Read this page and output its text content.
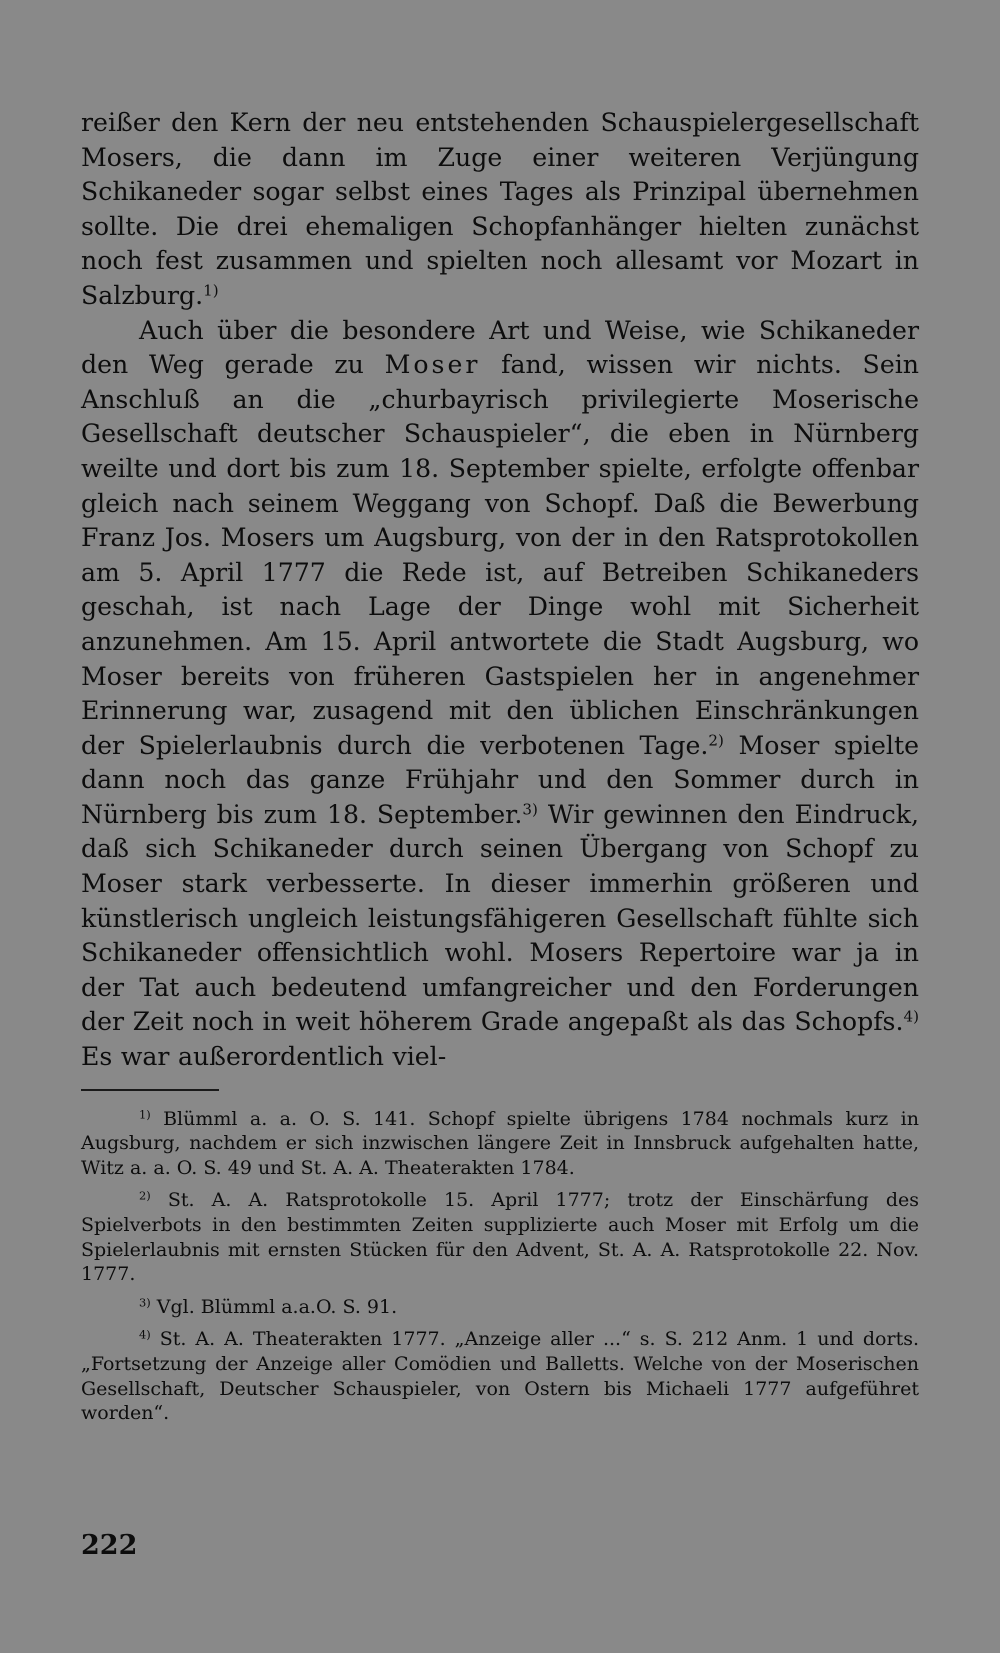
reißer den Kern der neu entstehenden Schauspielergesellschaft Mosers, die dann im Zuge einer weiteren Verjüngung Schikaneder sogar selbst eines Tages als Prinzipal übernehmen sollte. Die drei ehemaligen Schopfanhänger hielten zunächst noch fest zusammen und spielten noch allesamt vor Mozart in Salzburg.$^{1)}$

Auch über die besondere Art und Weise, wie Schikaneder den Weg gerade zu Moser fand, wissen wir nichts. Sein Anschluß an die „churbayrisch privilegierte Moserische Gesellschaft deutscher Schauspieler“, die eben in Nürnberg weilte und dort bis zum 18. September spielte, erfolgte offenbar gleich nach seinem Weggang von Schopf. Daß die Bewerbung Franz Jos. Mosers um Augsburg, von der in den Ratsprotokollen am 5. April 1777 die Rede ist, auf Betreiben Schikaneders geschah, ist nach Lage der Dinge wohl mit Sicherheit anzunehmen. Am 15. April antwortete die Stadt Augsburg, wo Moser bereits von früheren Gastspielen her in angenehmer Erinnerung war, zusagend mit den üblichen Einschränkungen der Spielerlaubnis durch die verbotenen Tage.$^{2)}$ Moser spielte dann noch das ganze Frühjahr und den Sommer durch in Nürnberg bis zum 18. September.$^{3)}$ Wir gewinnen den Eindruck, daß sich Schikaneder durch seinen Übergang von Schopf zu Moser stark verbesserte. In dieser immerhin größeren und künstlerisch ungleich leistungsfähigeren Gesellschaft fühlte sich Schikaneder offensichtlich wohl. Mosers Repertoire war ja in der Tat auch bedeutend umfangreicher und den Forderungen der Zeit noch in weit höherem Grade angepaßt als das Schopfs.$^{4)}$ Es war außerordentlich viel-

$^{1)}$ Blümml a. a. O. S. 141. Schopf spielte übrigens 1784 nochmals kurz in Augsburg, nachdem er sich inzwischen längere Zeit in Innsbruck aufgehalten hatte, Witz a. a. O. S. 49 und St. A. A. Theaterakten 1784.

$^{2)}$ St. A. A. Ratsprotokolle 15. April 1777; trotz der Einschärfung des Spielverbots in den bestimmten Zeiten supplizierte auch Moser mit Erfolg um die Spielerlaubnis mit ernsten Stücken für den Advent, St. A. A. Ratsprotokolle 22. Nov. 1777.

$^{3)}$ Vgl. Blümml a.a.O. S. 91.

$^{4)}$ St. A. A. Theaterakten 1777. „Anzeige aller ...“ s. S. 212 Anm. 1 und dorts. „Fortsetzung der Anzeige aller Comödien und Balletts. Welche von der Moserischen Gesellschaft, Deutscher Schauspieler, von Ostern bis Michaeli 1777 aufgeführet worden“.

222
